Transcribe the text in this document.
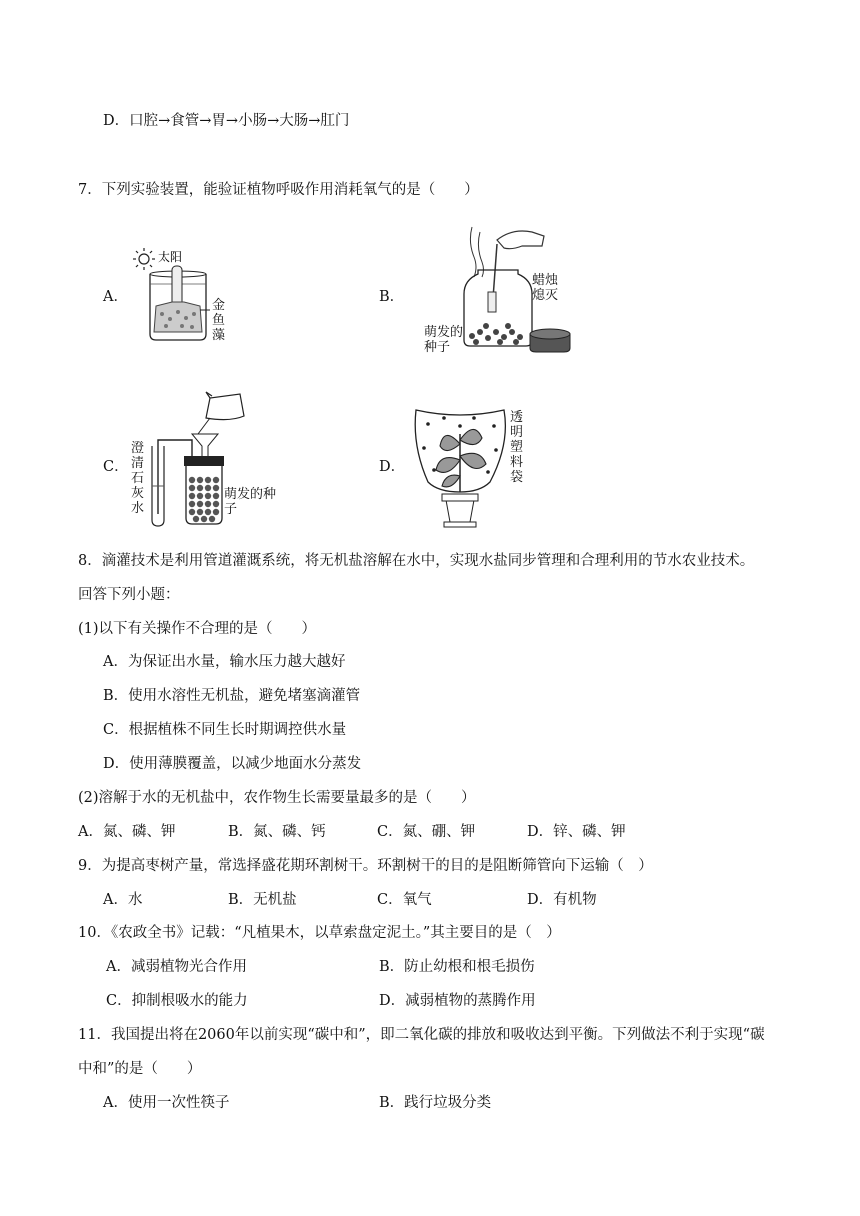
D．口腔→食管→胃→小肠→大肠→肛门
7．下列实验装置，能验证植物呼吸作用消耗氧气的是（　　）
A．
太阳
金鱼藻
B．
蜡烛熄灭
萌发的种子
C．
澄清石灰水
萌发的种子
D．
透明塑料袋
8．滴灌技术是利用管道灌溉系统，将无机盐溶解在水中，实现水盐同步管理和合理利用的节水农业技术。
回答下列小题：
(1)以下有关操作不合理的是（　　）
A．为保证出水量，输水压力越大越好
B．使用水溶性无机盐，避免堵塞滴灌管
C．根据植株不同生长时期调控供水量
D．使用薄膜覆盖，以减少地面水分蒸发
(2)溶解于水的无机盐中，农作物生长需要量最多的是（　　）
A．氮、磷、钾	B．氮、磷、钙	C．氮、硼、钾	D．锌、磷、钾
9．为提高枣树产量，常选择盛花期环割树干。环割树干的目的是阻断筛管向下运输（　）
A．水	B．无机盐	C．氧气	D．有机物
10．《农政全书》记载：“凡植果木，以草索盘定泥土。”其主要目的是（　）
A．减弱植物光合作用	B．防止幼根和根毛损伤
C．抑制根吸水的能力	D．减弱植物的蒸腾作用
11．我国提出将在2060年以前实现“碳中和”，即二氧化碳的排放和吸收达到平衡。下列做法不利于实现“碳
中和”的是（　　）
A．使用一次性筷子	B．践行垃圾分类
